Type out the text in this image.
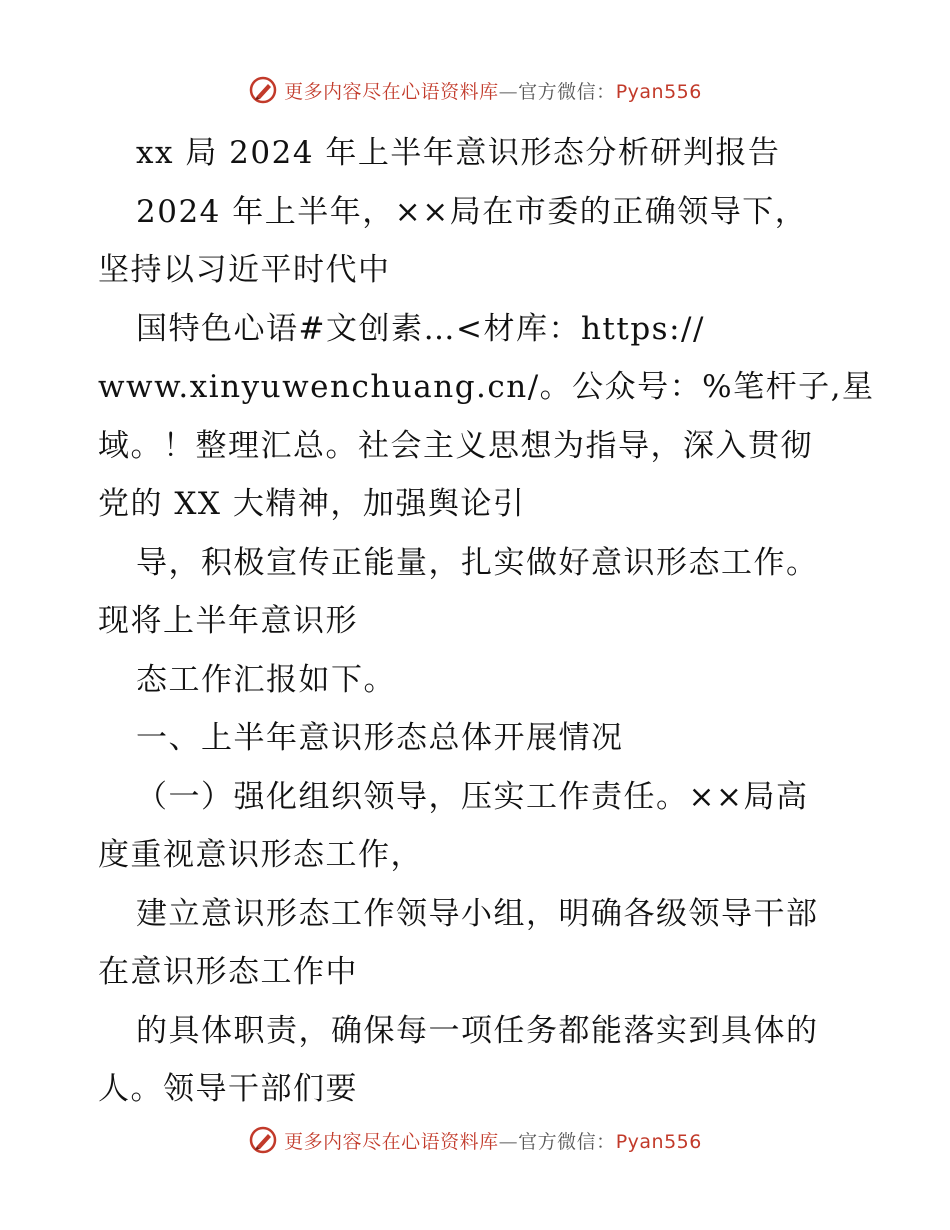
更多内容尽在心语资料库—官方微信：Pyan556
xx 局 2024 年上半年意识形态分析研判报告
2024 年上半年，××局在市委的正确领导下，
坚持以习近平时代中
国特色心语#文创素…<材库：https://
www.xinyuwenchuang.cn/。公众号：%笔杆子,星
域。！整理汇总。社会主义思想为指导，深入贯彻
党的 XX 大精神，加强舆论引
导，积极宣传正能量，扎实做好意识形态工作。
现将上半年意识形
态工作汇报如下。
一、上半年意识形态总体开展情况
（一）强化组织领导，压实工作责任。××局高
度重视意识形态工作，
建立意识形态工作领导小组，明确各级领导干部
在意识形态工作中
的具体职责，确保每一项任务都能落实到具体的
人。领导干部们要
更多内容尽在心语资料库—官方微信：Pyan556
